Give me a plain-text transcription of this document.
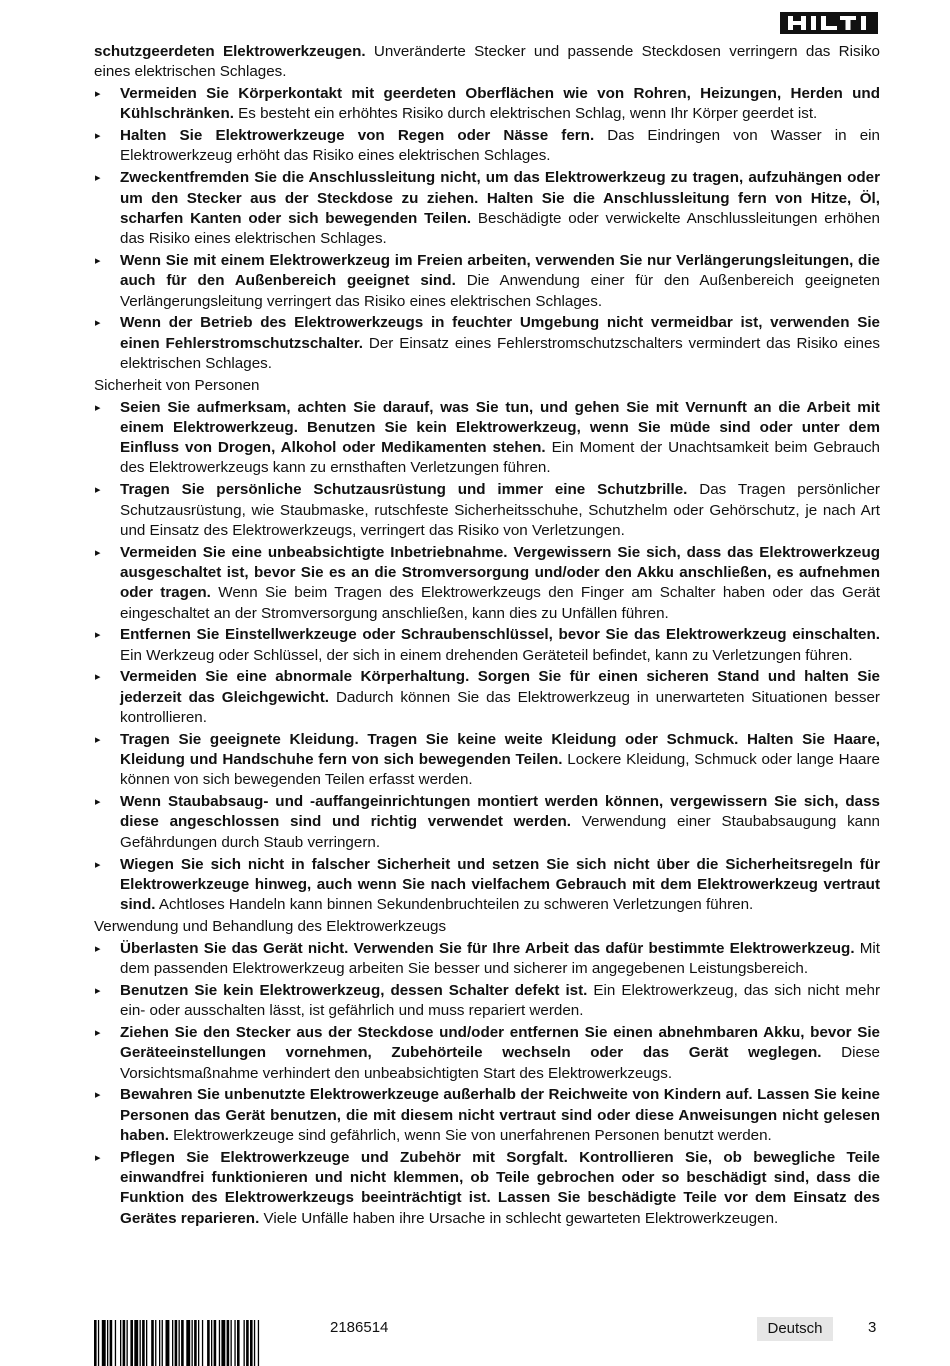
schutzgeerdeten Elektrowerkzeugen. Unveränderte Stecker und passende Steckdosen verringern das Risiko eines elektrischen Schlages.
▸ Vermeiden Sie Körperkontakt mit geerdeten Oberflächen wie von Rohren, Heizungen, Herden und Kühlschränken. Es besteht ein erhöhtes Risiko durch elektrischen Schlag, wenn Ihr Körper geerdet ist.
▸ Halten Sie Elektrowerkzeuge von Regen oder Nässe fern. Das Eindringen von Wasser in ein Elektrowerkzeug erhöht das Risiko eines elektrischen Schlages.
▸ Zweckentfremden Sie die Anschlussleitung nicht, um das Elektrowerkzeug zu tragen, aufzuhängen oder um den Stecker aus der Steckdose zu ziehen. Halten Sie die Anschlussleitung fern von Hitze, Öl, scharfen Kanten oder sich bewegenden Teilen. Beschädigte oder verwickelte Anschlussleitungen erhöhen das Risiko eines elektrischen Schlages.
▸ Wenn Sie mit einem Elektrowerkzeug im Freien arbeiten, verwenden Sie nur Verlängerungsleitungen, die auch für den Außenbereich geeignet sind. Die Anwendung einer für den Außenbereich geeigneten Verlängerungsleitung verringert das Risiko eines elektrischen Schlages.
▸ Wenn der Betrieb des Elektrowerkzeugs in feuchter Umgebung nicht vermeidbar ist, verwenden Sie einen Fehlerstromschutzschalter. Der Einsatz eines Fehlerstromschutzschalters vermindert das Risiko eines elektrischen Schlages.
Sicherheit von Personen
▸ Seien Sie aufmerksam, achten Sie darauf, was Sie tun, und gehen Sie mit Vernunft an die Arbeit mit einem Elektrowerkzeug. Benutzen Sie kein Elektrowerkzeug, wenn Sie müde sind oder unter dem Einfluss von Drogen, Alkohol oder Medikamenten stehen. Ein Moment der Unachtsamkeit beim Gebrauch des Elektrowerkzeugs kann zu ernsthaften Verletzungen führen.
▸ Tragen Sie persönliche Schutzausrüstung und immer eine Schutzbrille. Das Tragen persönlicher Schutzausrüstung, wie Staubmaske, rutschfeste Sicherheitsschuhe, Schutzhelm oder Gehörschutz, je nach Art und Einsatz des Elektrowerkzeugs, verringert das Risiko von Verletzungen.
▸ Vermeiden Sie eine unbeabsichtigte Inbetriebnahme. Vergewissern Sie sich, dass das Elektrowerkzeug ausgeschaltet ist, bevor Sie es an die Stromversorgung und/oder den Akku anschließen, es aufnehmen oder tragen. Wenn Sie beim Tragen des Elektrowerkzeugs den Finger am Schalter haben oder das Gerät eingeschaltet an der Stromversorgung anschließen, kann dies zu Unfällen führen.
▸ Entfernen Sie Einstellwerkzeuge oder Schraubenschlüssel, bevor Sie das Elektrowerkzeug einschalten. Ein Werkzeug oder Schlüssel, der sich in einem drehenden Geräteteil befindet, kann zu Verletzungen führen.
▸ Vermeiden Sie eine abnormale Körperhaltung. Sorgen Sie für einen sicheren Stand und halten Sie jederzeit das Gleichgewicht. Dadurch können Sie das Elektrowerkzeug in unerwarteten Situationen besser kontrollieren.
▸ Tragen Sie geeignete Kleidung. Tragen Sie keine weite Kleidung oder Schmuck. Halten Sie Haare, Kleidung und Handschuhe fern von sich bewegenden Teilen. Lockere Kleidung, Schmuck oder lange Haare können von sich bewegenden Teilen erfasst werden.
▸ Wenn Staubabsaug- und -auffangeinrichtungen montiert werden können, vergewissern Sie sich, dass diese angeschlossen sind und richtig verwendet werden. Verwendung einer Staubabsaugung kann Gefährdungen durch Staub verringern.
▸ Wiegen Sie sich nicht in falscher Sicherheit und setzen Sie sich nicht über die Sicherheitsregeln für Elektrowerkzeuge hinweg, auch wenn Sie nach vielfachem Gebrauch mit dem Elektrowerkzeug vertraut sind. Achtloses Handeln kann binnen Sekundenbruchteilen zu schweren Verletzungen führen.
Verwendung und Behandlung des Elektrowerkzeugs
▸ Überlasten Sie das Gerät nicht. Verwenden Sie für Ihre Arbeit das dafür bestimmte Elektrowerkzeug. Mit dem passenden Elektrowerkzeug arbeiten Sie besser und sicherer im angegebenen Leistungsbereich.
▸ Benutzen Sie kein Elektrowerkzeug, dessen Schalter defekt ist. Ein Elektrowerkzeug, das sich nicht mehr ein- oder ausschalten lässt, ist gefährlich und muss repariert werden.
▸ Ziehen Sie den Stecker aus der Steckdose und/oder entfernen Sie einen abnehmbaren Akku, bevor Sie Geräteeinstellungen vornehmen, Zubehörteile wechseln oder das Gerät weglegen. Diese Vorsichtsmaßnahme verhindert den unbeabsichtigten Start des Elektrowerkzeugs.
▸ Bewahren Sie unbenutzte Elektrowerkzeuge außerhalb der Reichweite von Kindern auf. Lassen Sie keine Personen das Gerät benutzen, die mit diesem nicht vertraut sind oder diese Anweisungen nicht gelesen haben. Elektrowerkzeuge sind gefährlich, wenn Sie von unerfahrenen Personen benutzt werden.
▸ Pflegen Sie Elektrowerkzeuge und Zubehör mit Sorgfalt. Kontrollieren Sie, ob bewegliche Teile einwandfrei funktionieren und nicht klemmen, ob Teile gebrochen oder so beschädigt sind, dass die Funktion des Elektrowerkzeugs beeinträchtigt ist. Lassen Sie beschädigte Teile vor dem Einsatz des Gerätes reparieren. Viele Unfälle haben ihre Ursache in schlecht gewarteten Elektrowerkzeugen.
2186514	Deutsch	3
